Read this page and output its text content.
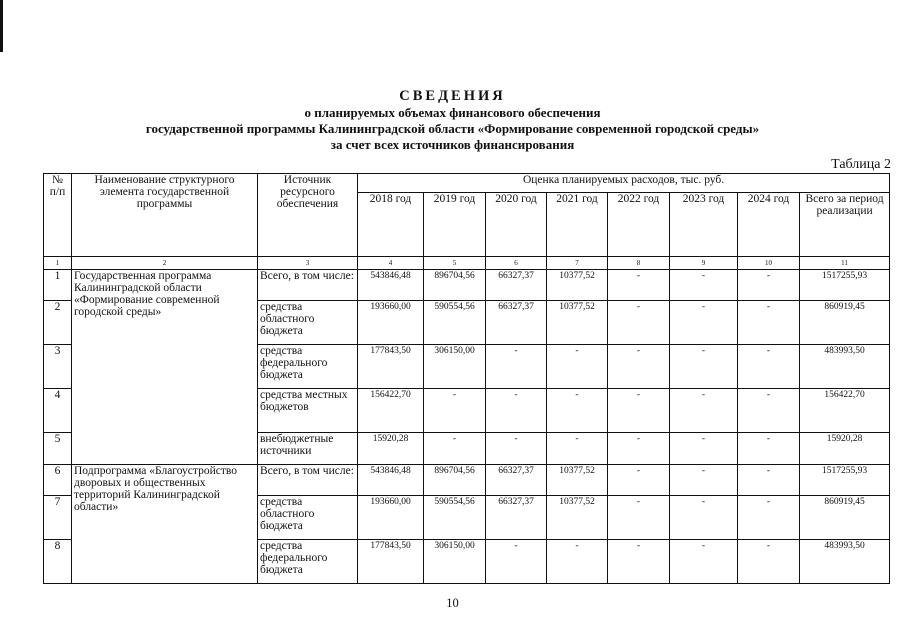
СВЕДЕНИЯ
о планируемых объемах финансового обеспечения
государственной программы Калининградской области «Формирование современной городской среды»
за счет всех источников финансирования
Таблица 2
№ п/п	Наименование структурного элемента государственной программы	Источник ресурсного обеспечения	Оценка планируемых расходов, тыс. руб.							
			2018 год	2019 год	2020 год	2021 год	2022 год	2023 год	2024 год	Всего за период реализации
1	2	3	4	5	6	7	8	9	10	11
1	Государственная программа Калининградской области «Формирование современной городской среды»	Всего, в том числе:	543846,48	896704,56	66327,37	10377,52	-	-	-	1517255,93
2		средства областного бюджета	193660,00	590554,56	66327,37	10377,52	-	-	-	860919,45
3		средства федерального бюджета	177843,50	306150,00	-	-	-	-	-	483993,50
4		средства местных бюджетов	156422,70	-	-	-	-	-	-	156422,70
5		внебюджетные источники	15920,28	-	-	-	-	-	-	15920,28
6	Подпрограмма «Благоустройство дворовых и общественных территорий Калининградской области»	Всего, в том числе:	543846,48	896704,56	66327,37	10377,52	-	-	-	1517255,93
7		средства областного бюджета	193660,00	590554,56	66327,37	10377,52	-	-	-	860919,45
8		средства федерального бюджета	177843,50	306150,00	-	-	-	-	-	483993,50
10
